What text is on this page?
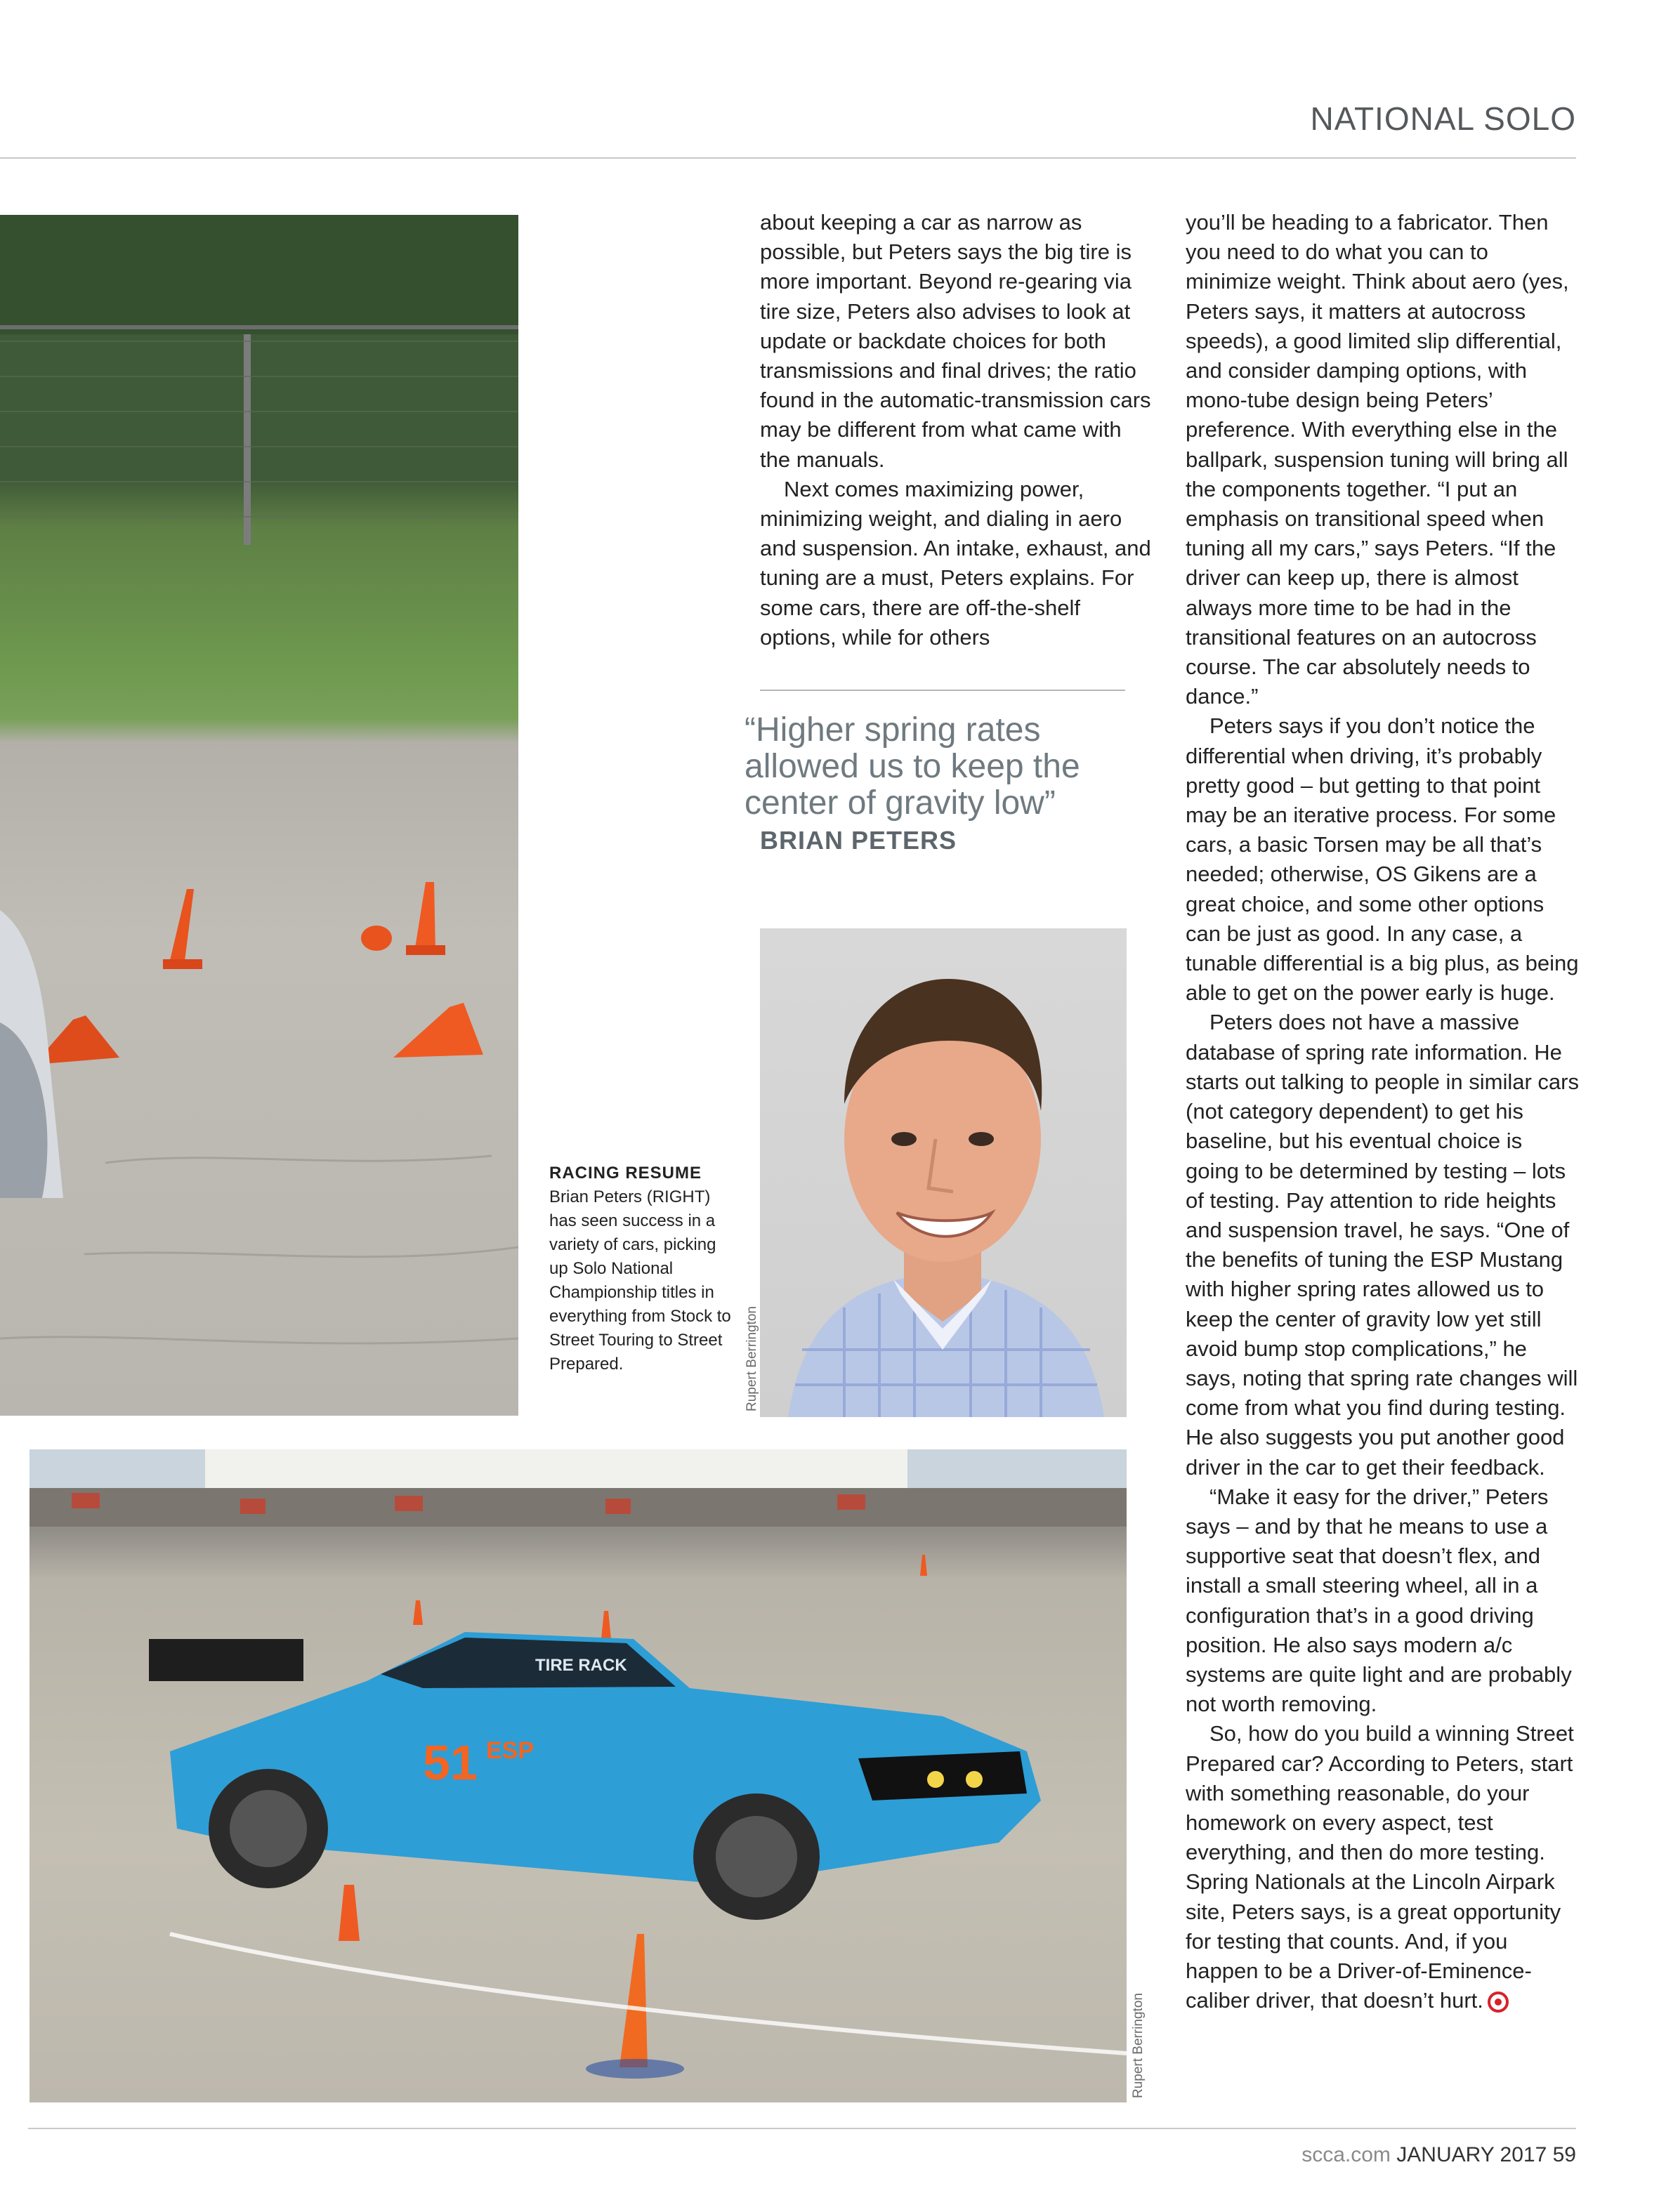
NATIONAL SOLO
RACING RESUME
Brian Peters (RIGHT) has seen success in a variety of cars, picking up Solo National Championship titles in everything from Stock to Street Touring to Street Prepared.	Rupert Berrington
51 ESP
TIRE RACK
Rupert Berrington

about keeping a car as narrow as possible, but Peters says the big tire is more important. Beyond re-gearing via tire size, Peters also advises to look at update or backdate choices for both transmissions and final drives; the ratio found in the automatic-transmission cars may be different from what came with the manuals.

Next comes maximizing power, minimizing weight, and dialing in aero and suspension. An intake, exhaust, and tuning are a must, Peters explains. For some cars, there are off-the-shelf options, while for others

“Higher spring rates allowed us to keep the center of gravity low”
BRIAN PETERS

you’ll be heading to a fabricator. Then you need to do what you can to minimize weight. Think about aero (yes, Peters says, it matters at autocross speeds), a good limited slip differential, and consider damping options, with mono-tube design being Peters’ preference. With everything else in the ballpark, suspension tuning will bring all the components together. “I put an emphasis on transitional speed when tuning all my cars,” says Peters. “If the driver can keep up, there is almost always more time to be had in the transitional features on an autocross course. The car absolutely needs to dance.”

Peters says if you don’t notice the differential when driving, it’s probably pretty good – but getting to that point may be an iterative process. For some cars, a basic Torsen may be all that’s needed; otherwise, OS Gikens are a great choice, and some other options can be just as good. In any case, a tunable differential is a big plus, as being able to get on the power early is huge.

Peters does not have a massive database of spring rate information. He starts out talking to people in similar cars (not category dependent) to get his baseline, but his eventual choice is going to be determined by testing – lots of testing. Pay attention to ride heights and suspension travel, he says. “One of the benefits of tuning the ESP Mustang with higher spring rates allowed us to keep the center of gravity low yet still avoid bump stop complications,” he says, noting that spring rate changes will come from what you find during testing. He also suggests you put another good driver in the car to get their feedback.

“Make it easy for the driver,” Peters says – and by that he means to use a supportive seat that doesn’t flex, and install a small steering wheel, all in a configuration that’s in a good driving position. He also says modern a/c systems are quite light and are probably not worth removing.

So, how do you build a winning Street Prepared car? According to Peters, start with something reasonable, do your homework on every aspect, test everything, and then do more testing. Spring Nationals at the Lincoln Airpark site, Peters says, is a great opportunity for testing that counts. And, if you happen to be a Driver-of-Eminence-caliber driver, that doesn’t hurt.

scca.com JANUARY 2017 59
